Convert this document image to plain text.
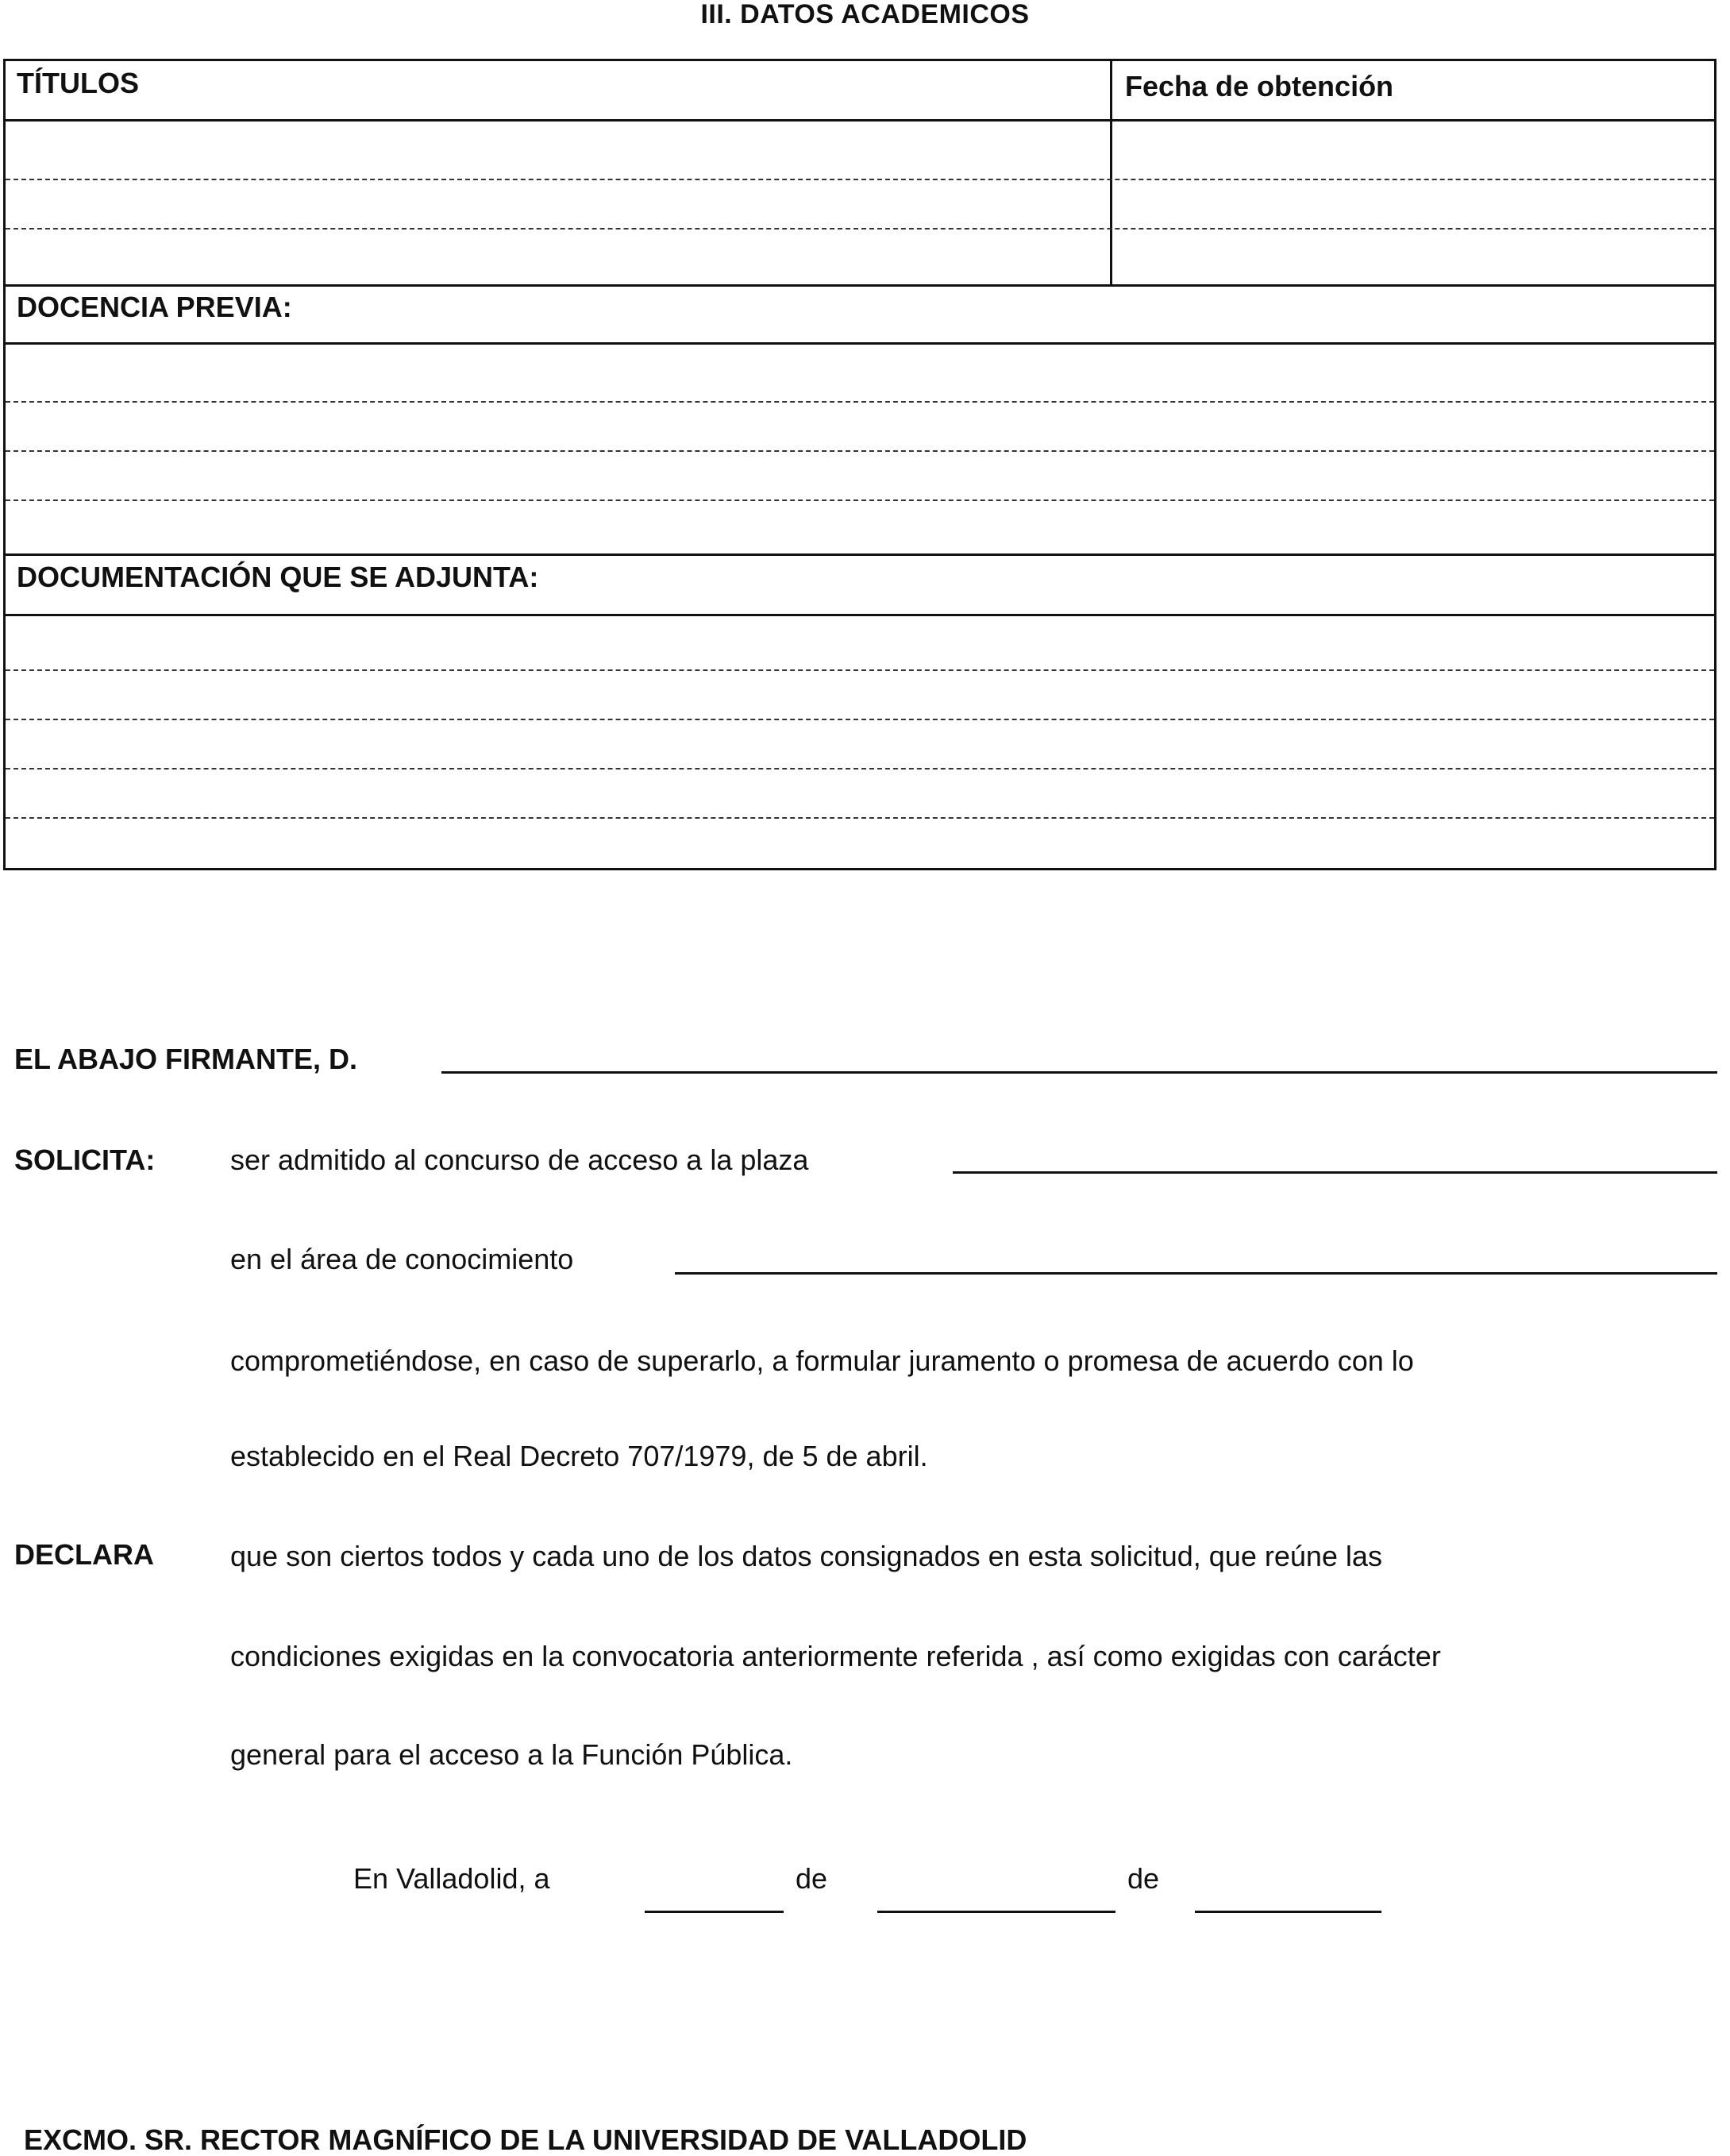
III. DATOS ACADEMICOS
TÍTULOS	Fecha de obtención
DOCENCIA PREVIA:
DOCUMENTACIÓN QUE SE ADJUNTA:
EL ABAJO FIRMANTE, D.
SOLICITA:	ser admitido al concurso de acceso a la plaza
en el área de conocimiento
comprometiéndose, en caso de superarlo, a formular juramento o promesa de acuerdo con lo
establecido en el Real Decreto 707/1979, de 5 de abril.
DECLARA	que son ciertos todos y cada uno de los datos consignados en esta solicitud, que reúne las
condiciones exigidas en la convocatoria anteriormente referida , así como exigidas con carácter
general para el acceso a la Función Pública.
En Valladolid, a	de	de
EXCMO. SR. RECTOR MAGNÍFICO DE LA UNIVERSIDAD DE VALLADOLID
